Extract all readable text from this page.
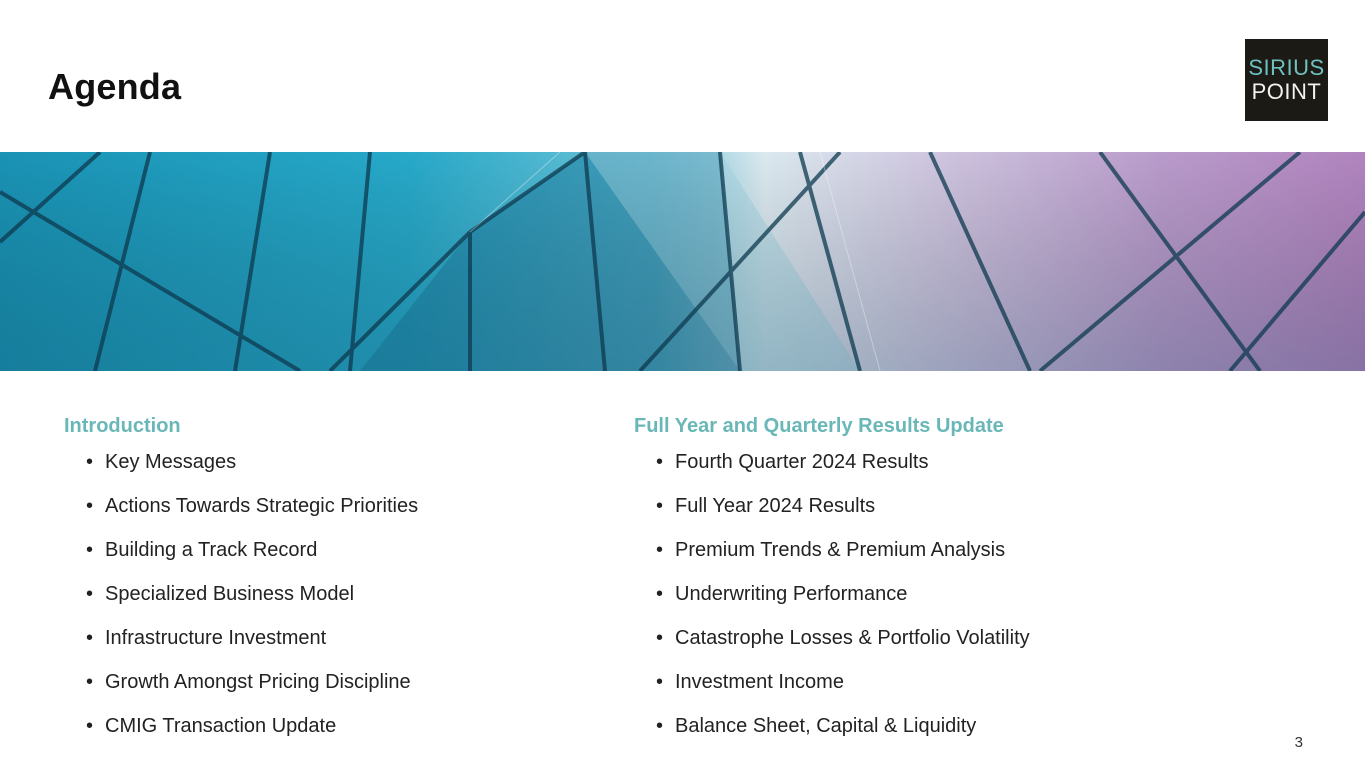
Agenda	SIRIUS
POINT
Introduction
• Key Messages
• Actions Towards Strategic Priorities
• Building a Track Record
• Specialized Business Model
• Infrastructure Investment
• Growth Amongst Pricing Discipline
• CMIG Transaction Update
Full Year and Quarterly Results Update
• Fourth Quarter 2024 Results
• Full Year 2024 Results
• Premium Trends & Premium Analysis
• Underwriting Performance
• Catastrophe Losses & Portfolio Volatility
• Investment Income
• Balance Sheet, Capital & Liquidity
3
